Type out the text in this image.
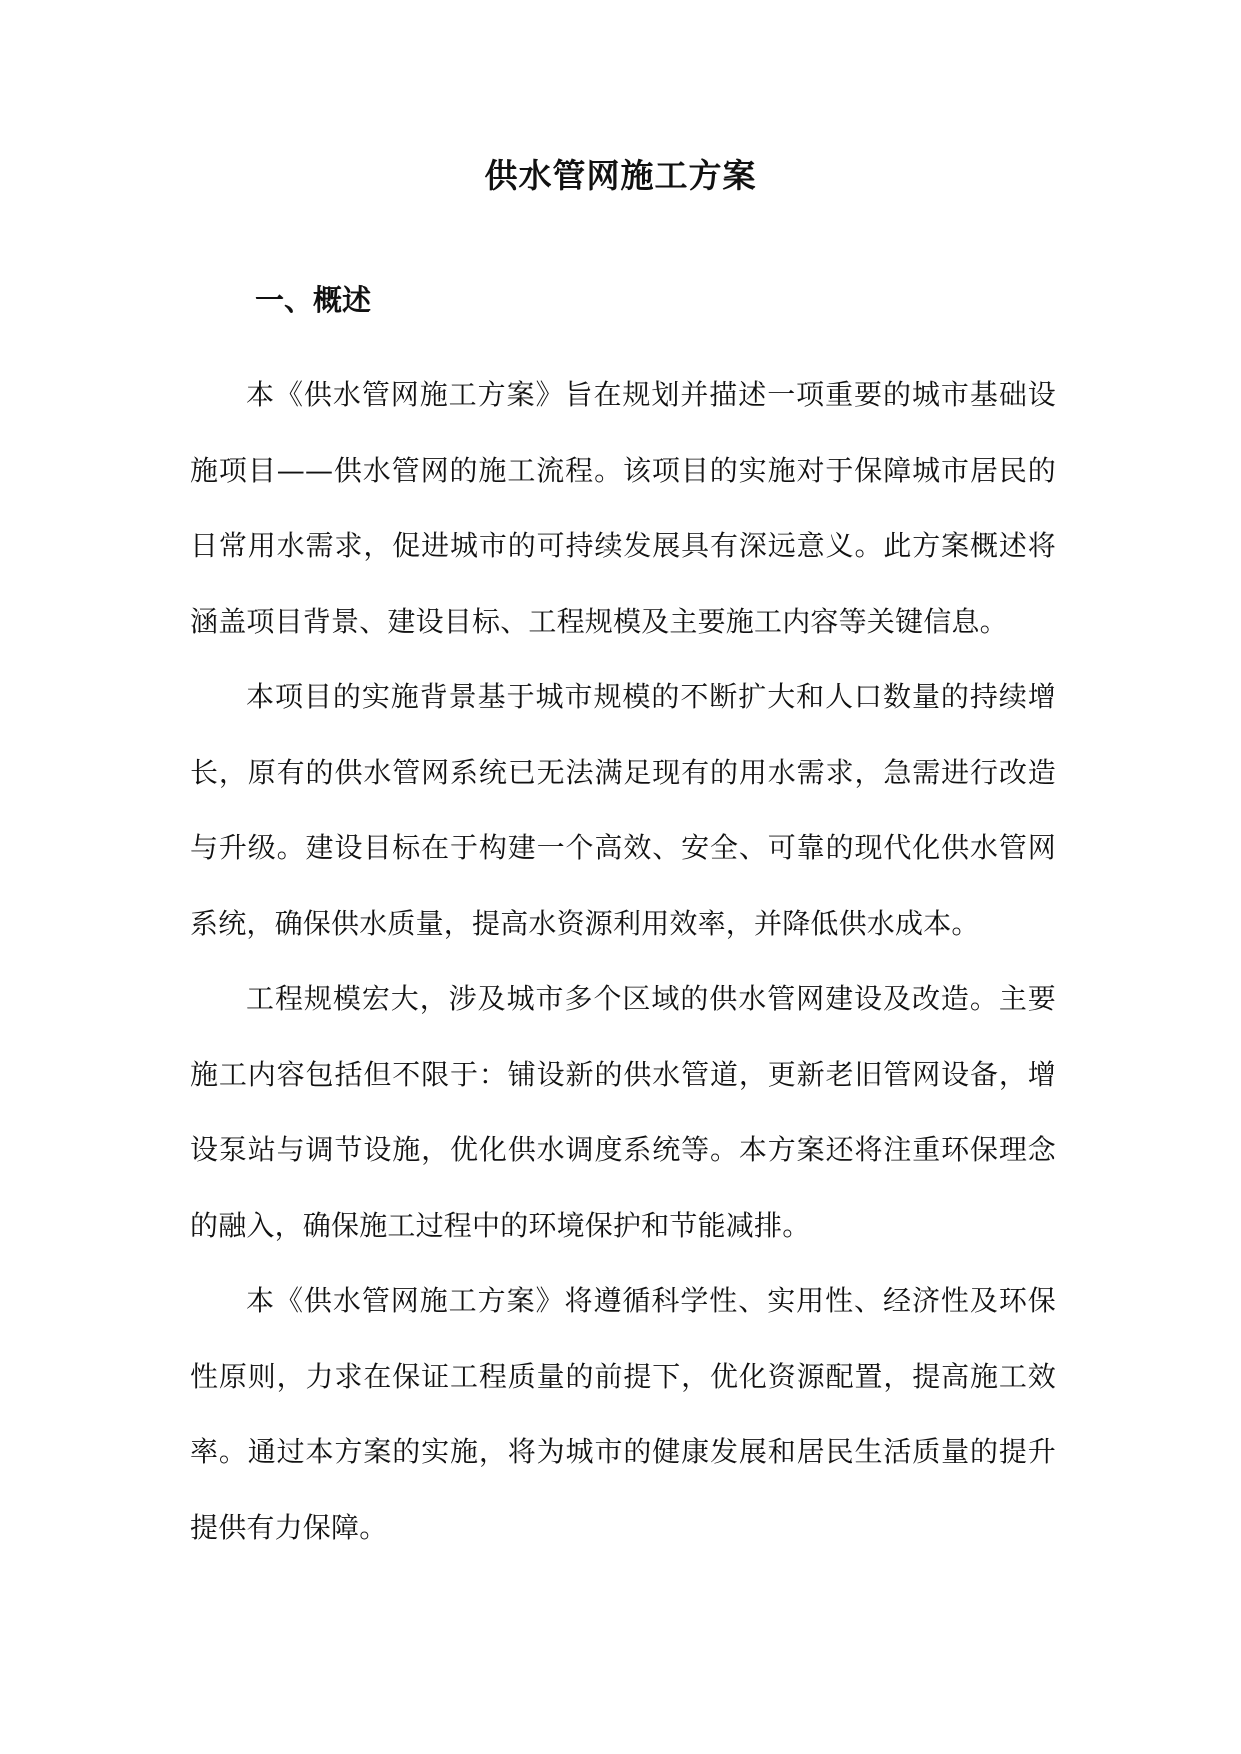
供水管网施工方案
一、概述

本《供水管网施工方案》旨在规划并描述一项重要的城市基础设施项目——供水管网的施工流程。该项目的实施对于保障城市居民的日常用水需求，促进城市的可持续发展具有深远意义。此方案概述将涵盖项目背景、建设目标、工程规模及主要施工内容等关键信息。

本项目的实施背景基于城市规模的不断扩大和人口数量的持续增长，原有的供水管网系统已无法满足现有的用水需求，急需进行改造与升级。建设目标在于构建一个高效、安全、可靠的现代化供水管网系统，确保供水质量，提高水资源利用效率，并降低供水成本。

工程规模宏大，涉及城市多个区域的供水管网建设及改造。主要施工内容包括但不限于：铺设新的供水管道，更新老旧管网设备，增设泵站与调节设施，优化供水调度系统等。本方案还将注重环保理念的融入，确保施工过程中的环境保护和节能减排。

本《供水管网施工方案》将遵循科学性、实用性、经济性及环保性原则，力求在保证工程质量的前提下，优化资源配置，提高施工效率。通过本方案的实施，将为城市的健康发展和居民生活质量的提升提供有力保障。
